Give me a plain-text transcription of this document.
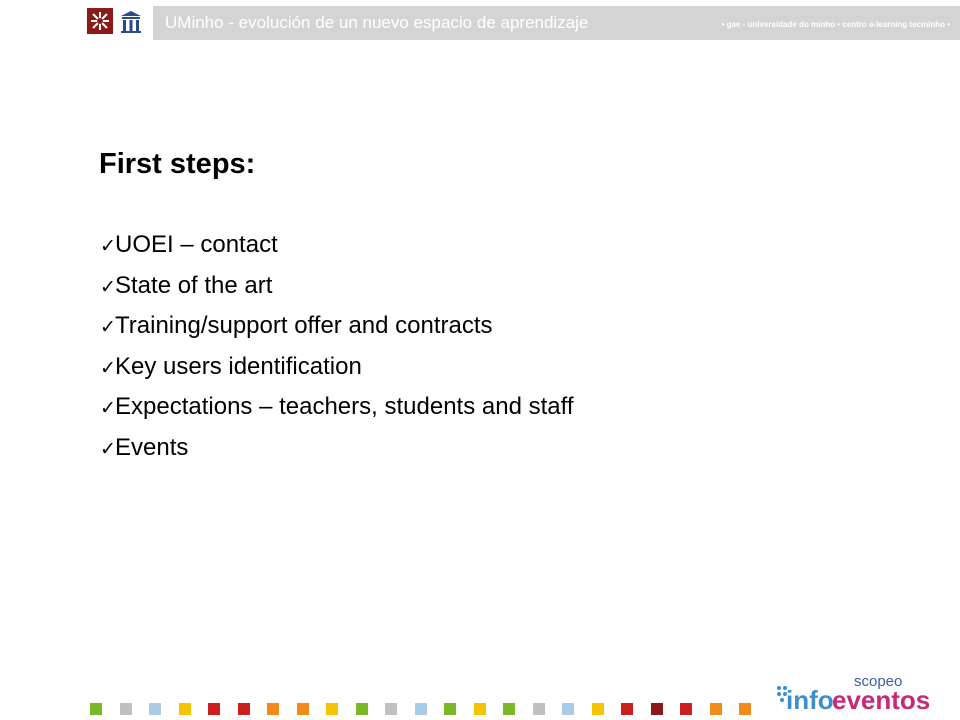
UMinho - evolución de un nuevo espacio de aprendizaje	• gae - universidade do minho • centro e-learning tecminho •
First steps:
✓UOEI – contact
✓State of the art
✓Training/support offer and contracts
✓Key users identification
✓Expectations – teachers, students and staff
✓Events
scopeo
info
eventos
